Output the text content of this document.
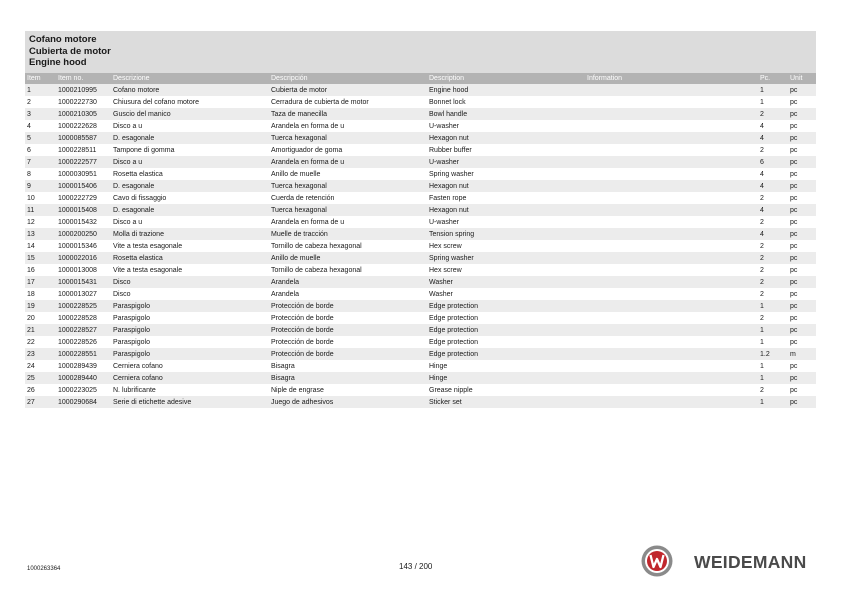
Cofano motore
Cubierta de motor
Engine hood
Item	Item no.	Descrizione	Descripción	Description	Information	Pc.	Unit
1	1000210995	Cofano motore	Cubierta de motor	Engine hood		1	pc
2	1000222730	Chiusura del cofano motore	Cerradura de cubierta de motor	Bonnet lock		1	pc
3	1000210305	Guscio del manico	Taza de manecilla	Bowl handle		2	pc
4	1000222628	Disco a u	Arandela en forma de u	U-washer		4	pc
5	1000085587	D. esagonale	Tuerca hexagonal	Hexagon nut		4	pc
6	1000228511	Tampone di gomma	Amortiguador de goma	Rubber buffer		2	pc
7	1000222577	Disco a u	Arandela en forma de u	U-washer		6	pc
8	1000030951	Rosetta elastica	Anillo de muelle	Spring washer		4	pc
9	1000015406	D. esagonale	Tuerca hexagonal	Hexagon nut		4	pc
10	1000222729	Cavo di fissaggio	Cuerda de retención	Fasten rope		2	pc
11	1000015408	D. esagonale	Tuerca hexagonal	Hexagon nut		4	pc
12	1000015432	Disco a u	Arandela en forma de u	U-washer		2	pc
13	1000200250	Molla di trazione	Muelle de tracción	Tension spring		4	pc
14	1000015346	Vite a testa esagonale	Tornillo de cabeza hexagonal	Hex screw		2	pc
15	1000022016	Rosetta elastica	Anillo de muelle	Spring washer		2	pc
16	1000013008	Vite a testa esagonale	Tornillo de cabeza hexagonal	Hex screw		2	pc
17	1000015431	Disco	Arandela	Washer		2	pc
18	1000013027	Disco	Arandela	Washer		2	pc
19	1000228525	Paraspigolo	Protección de borde	Edge protection		1	pc
20	1000228528	Paraspigolo	Protección de borde	Edge protection		2	pc
21	1000228527	Paraspigolo	Protección de borde	Edge protection		1	pc
22	1000228526	Paraspigolo	Protección de borde	Edge protection		1	pc
23	1000228551	Paraspigolo	Protección de borde	Edge protection		1.2	m
24	1000289439	Cerniera cofano	Bisagra	Hinge		1	pc
25	1000289440	Cerniera cofano	Bisagra	Hinge		1	pc
26	1000223025	N. lubrificante	Niple de engrase	Grease nipple		2	pc
27	1000290684	Serie di etichette adesive	Juego de adhesivos	Sticker set		1	pc
1000263364	143 / 200	WEIDEMANN
